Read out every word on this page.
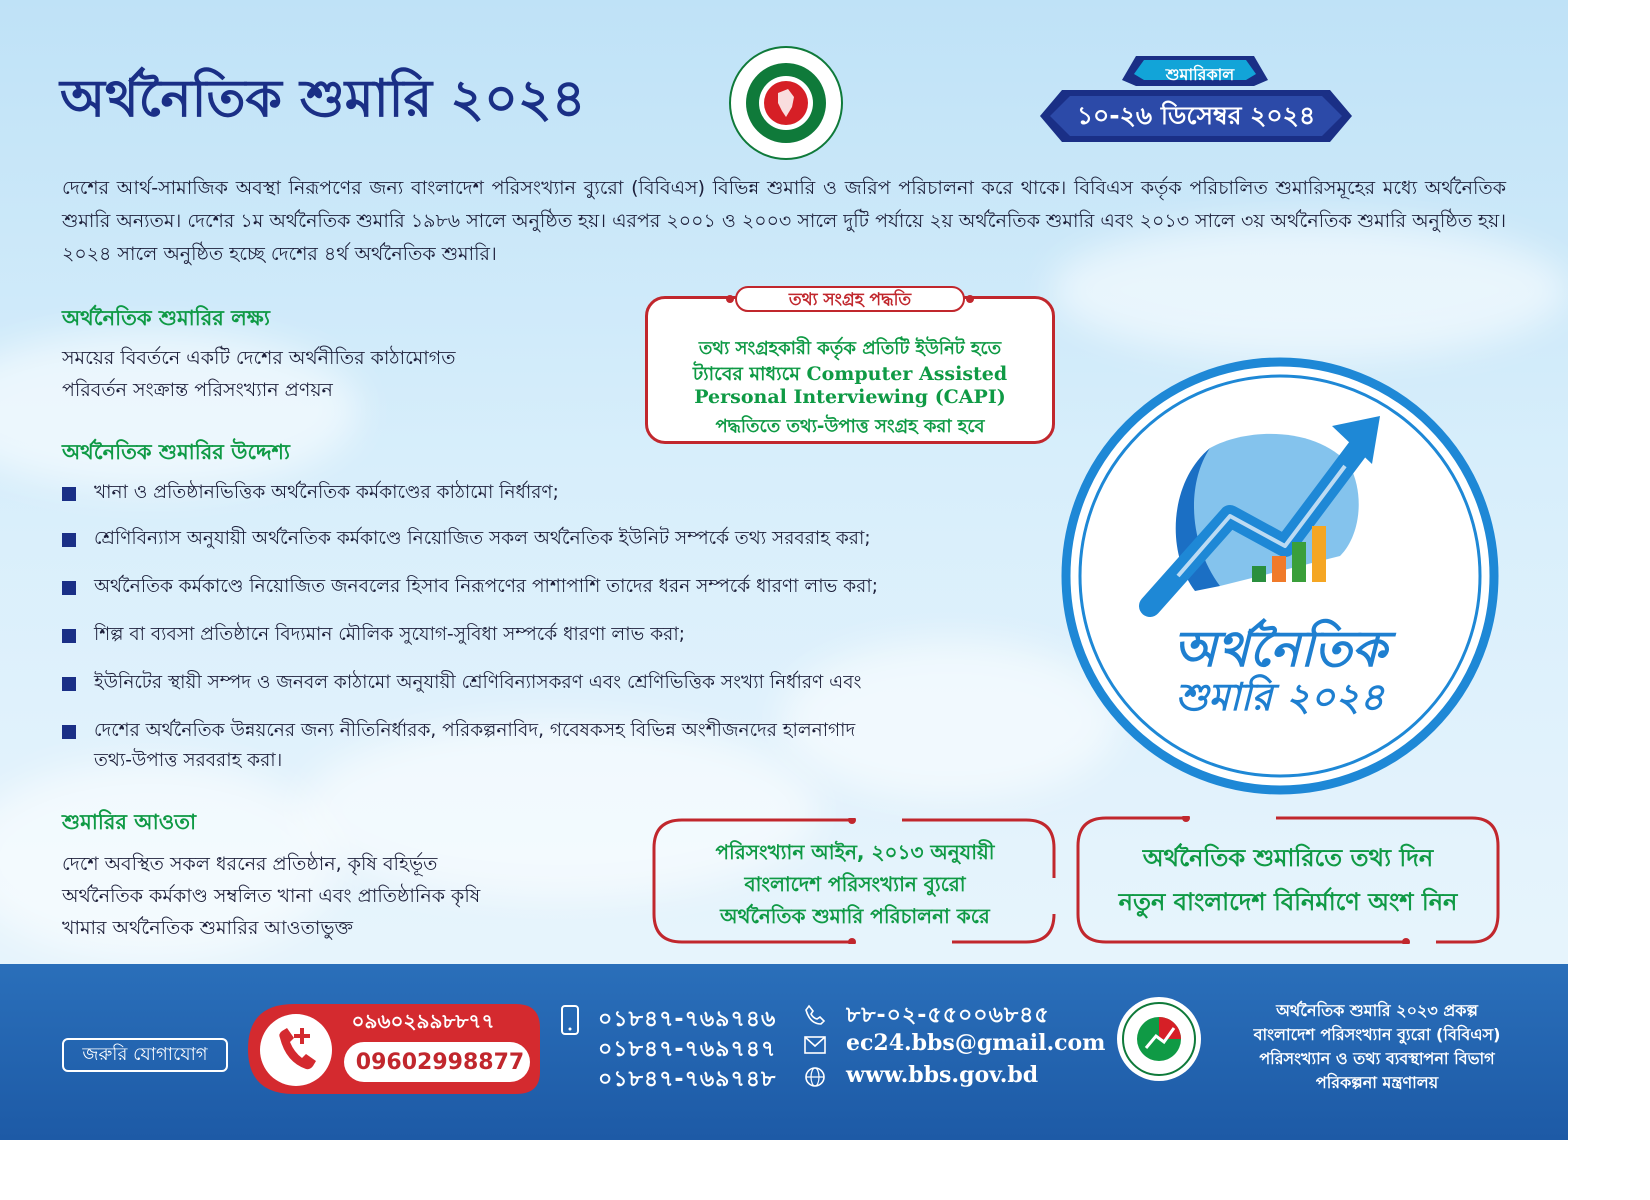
অর্থনৈতিক শুমারি ২০২৪	শুমারিকাল
১০-২৬ ডিসেম্বর ২০২৪
দেশের আর্থ-সামাজিক অবস্থা নিরূপণের জন্য বাংলাদেশ পরিসংখ্যান ব্যুরো (বিবিএস) বিভিন্ন শুমারি ও জরিপ পরিচালনা করে থাকে। বিবিএস কর্তৃক পরিচালিত শুমারিসমূহের মধ্যে অর্থনৈতিক শুমারি অন্যতম। দেশের ১ম অর্থনৈতিক শুমারি ১৯৮৬ সালে অনুষ্ঠিত হয়। এরপর ২০০১ ও ২০০৩ সালে দুটি পর্যায়ে ২য় অর্থনৈতিক শুমারি এবং ২০১৩ সালে ৩য় অর্থনৈতিক শুমারি অনুষ্ঠিত হয়। ২০২৪ সালে অনুষ্ঠিত হচ্ছে দেশের ৪র্থ অর্থনৈতিক শুমারি।
অর্থনৈতিক শুমারির লক্ষ্য
সময়ের বিবর্তনে একটি দেশের অর্থনীতির কাঠামোগত
পরিবর্তন সংক্রান্ত পরিসংখ্যান প্রণয়ন
অর্থনৈতিক শুমারির উদ্দেশ্য
খানা ও প্রতিষ্ঠানভিত্তিক অর্থনৈতিক কর্মকাণ্ডের কাঠামো নির্ধারণ;
শ্রেণিবিন্যাস অনুযায়ী অর্থনৈতিক কর্মকাণ্ডে নিয়োজিত সকল অর্থনৈতিক ইউনিট সম্পর্কে তথ্য সরবরাহ করা;
অর্থনৈতিক কর্মকাণ্ডে নিয়োজিত জনবলের হিসাব নিরূপণের পাশাপাশি তাদের ধরন সম্পর্কে ধারণা লাভ করা;
শিল্প বা ব্যবসা প্রতিষ্ঠানে বিদ্যমান মৌলিক সুযোগ-সুবিধা সম্পর্কে ধারণা লাভ করা;
ইউনিটের স্থায়ী সম্পদ ও জনবল কাঠামো অনুযায়ী শ্রেণিবিন্যাসকরণ এবং শ্রেণিভিত্তিক সংখ্যা নির্ধারণ এবং
দেশের অর্থনৈতিক উন্নয়নের জন্য নীতিনির্ধারক, পরিকল্পনাবিদ, গবেষকসহ বিভিন্ন অংশীজনদের হালনাগাদ
তথ্য-উপাত্ত সরবরাহ করা।
শুমারির আওতা
দেশে অবস্থিত সকল ধরনের প্রতিষ্ঠান, কৃষি বহির্ভূত
অর্থনৈতিক কর্মকাণ্ড সম্বলিত খানা এবং প্রাতিষ্ঠানিক কৃষি
খামার অর্থনৈতিক শুমারির আওতাভুক্ত
তথ্য সংগ্রহ পদ্ধতি
তথ্য সংগ্রহকারী কর্তৃক প্রতিটি ইউনিট হতে
ট্যাবের মাধ্যমে Computer Assisted
Personal Interviewing (CAPI)
পদ্ধতিতে তথ্য-উপাত্ত সংগ্রহ করা হবে
অর্থনৈতিক
শুমারি ২০২৪
পরিসংখ্যান আইন, ২০১৩ অনুযায়ী
বাংলাদেশ পরিসংখ্যান ব্যুরো
অর্থনৈতিক শুমারি পরিচালনা করে
অর্থনৈতিক শুমারিতে তথ্য দিন
নতুন বাংলাদেশ বিনির্মাণে অংশ নিন
জরুরি যোগাযোগ
০৯৬০২৯৯৮৮৭৭
09602998877
০১৮৪৭-৭৬৯৭৪৬
০১৮৪৭-৭৬৯৭৪৭
০১৮৪৭-৭৬৯৭৪৮
৮৮-০২-৫৫০০৬৮৪৫
ec24.bbs@gmail.com
www.bbs.gov.bd
অর্থনৈতিক শুমারি ২০২৩ প্রকল্প
বাংলাদেশ পরিসংখ্যান ব্যুরো (বিবিএস)
পরিসংখ্যান ও তথ্য ব্যবস্থাপনা বিভাগ
পরিকল্পনা মন্ত্রণালয়
